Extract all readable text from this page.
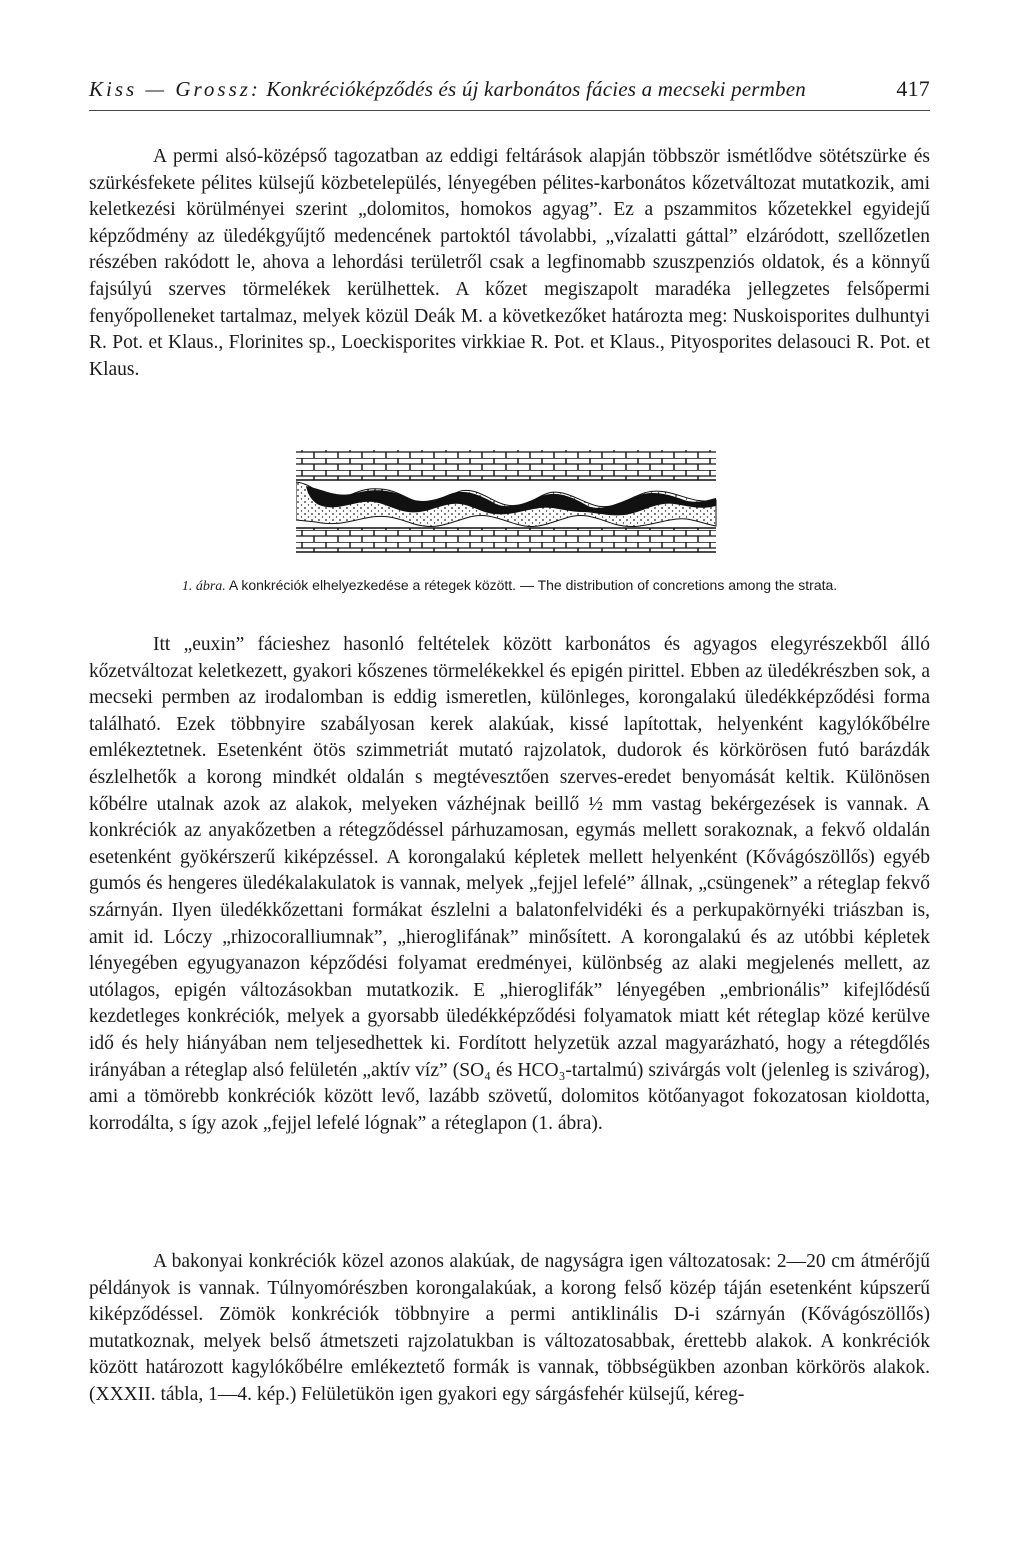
Kiss — Grossz: Konkrécióképződés és új karbonátos fácies a mecseki permben	417

A permi alsó-középső tagozatban az eddigi feltárások alapján többször ismétlődve sötétszürke és szürkésfekete pélites külsejű közbetelepülés, lényegében pélites-karbonátos kőzetváltozat mutatkozik, ami keletkezési körülményei szerint „dolomitos, homokos agyag”. Ez a pszammitos kőzetekkel egyidejű képződmény az üledékgyűjtő medencének partoktól távolabbi, „vízalatti gáttal” elzáródott, szellőzetlen részében rakódott le, ahova a lehordási területről csak a legfinomabb szuszpenziós oldatok, és a könnyű fajsúlyú szerves törmelékek kerülhettek. A kőzet megiszapolt maradéka jellegzetes felsőpermi fenyőpolleneket tartalmaz, melyek közül Deák M. a következőket határozta meg: Nuskoisporites dulhuntyi R. Pot. et Klaus., Florinites sp., Loeckisporites virkkiae R. Pot. et Klaus., Pityosporites delasouci R. Pot. et Klaus.

1. ábra. A konkréciók elhelyezkedése a rétegek között. — The distribution of concretions among the strata.

Itt „euxin” fácieshez hasonló feltételek között karbonátos és agyagos elegyrészekből álló kőzetváltozat keletkezett, gyakori kőszenes törmelékekkel és epigén pirittel. Ebben az üledékrészben sok, a mecseki permben az irodalomban is eddig ismeretlen, különleges, korongalakú üledékképződési forma található. Ezek többnyire szabályosan kerek alakúak, kissé lapítottak, helyenként kagylókőbélre emlékeztetnek. Esetenként ötös szimmetriát mutató rajzolatok, dudorok és körkörösen futó barázdák észlelhetők a korong mindkét oldalán s megtévesztően szerves-eredet benyomását keltik. Különösen kőbélre utalnak azok az alakok, melyeken vázhéjnak beillő ½ mm vastag bekérgezések is vannak. A konkréciók az anyakőzetben a rétegződéssel párhuzamosan, egymás mellett sorakoznak, a fekvő oldalán esetenként gyökérszerű kiképzéssel. A korongalakú képletek mellett helyenként (Kővágószöllős) egyéb gumós és hengeres üledékalakulatok is vannak, melyek „fejjel lefelé” állnak, „csüngenek” a réteglap fekvő szárnyán. Ilyen üledékkőzettani formákat észlelni a balatonfelvidéki és a perkupakörnyéki triászban is, amit id. Lóczy „rhizocoralliumnak”, „hieroglifának” minősített. A korongalakú és az utóbbi képletek lényegében egyugyanazon képződési folyamat eredményei, különbség az alaki megjelenés mellett, az utólagos, epigén változásokban mutatkozik. E „hieroglifák” lényegében „embrionális” kifejlődésű kezdetleges konkréciók, melyek a gyorsabb üledékképződési folyamatok miatt két réteglap közé kerülve idő és hely hiányában nem teljesedhettek ki. Fordított helyzetük azzal magyarázható, hogy a rétegdőlés irányában a réteglap alsó felületén „aktív víz” (SO₄ és HCO₃-tartalmú) szivárgás volt (jelenleg is szivárog), ami a tömörebb konkréciók között levő, lazább szövetű, dolomitos kötőanyagot fokozatosan kioldotta, korrodálta, s így azok „fejjel lefelé lógnak” a réteglapon (1. ábra).

A bakonyai konkréciók közel azonos alakúak, de nagyságra igen változatosak: 2—20 cm átmérőjű példányok is vannak. Túlnyomórészben korongalakúak, a korong felső közép táján esetenként kúpszerű kiképződéssel. Zömök konkréciók többnyire a permi antiklinális D-i szárnyán (Kővágószöllős) mutatkoznak, melyek belső átmetszeti rajzolatukban is változatosabbak, érettebb alakok. A konkréciók között határozott kagylókőbélre emlékeztető formák is vannak, többségükben azonban körkörös alakok. (XXXII. tábla, 1—4. kép.) Felületükön igen gyakori egy sárgásfehér külsejű, kéreg-
